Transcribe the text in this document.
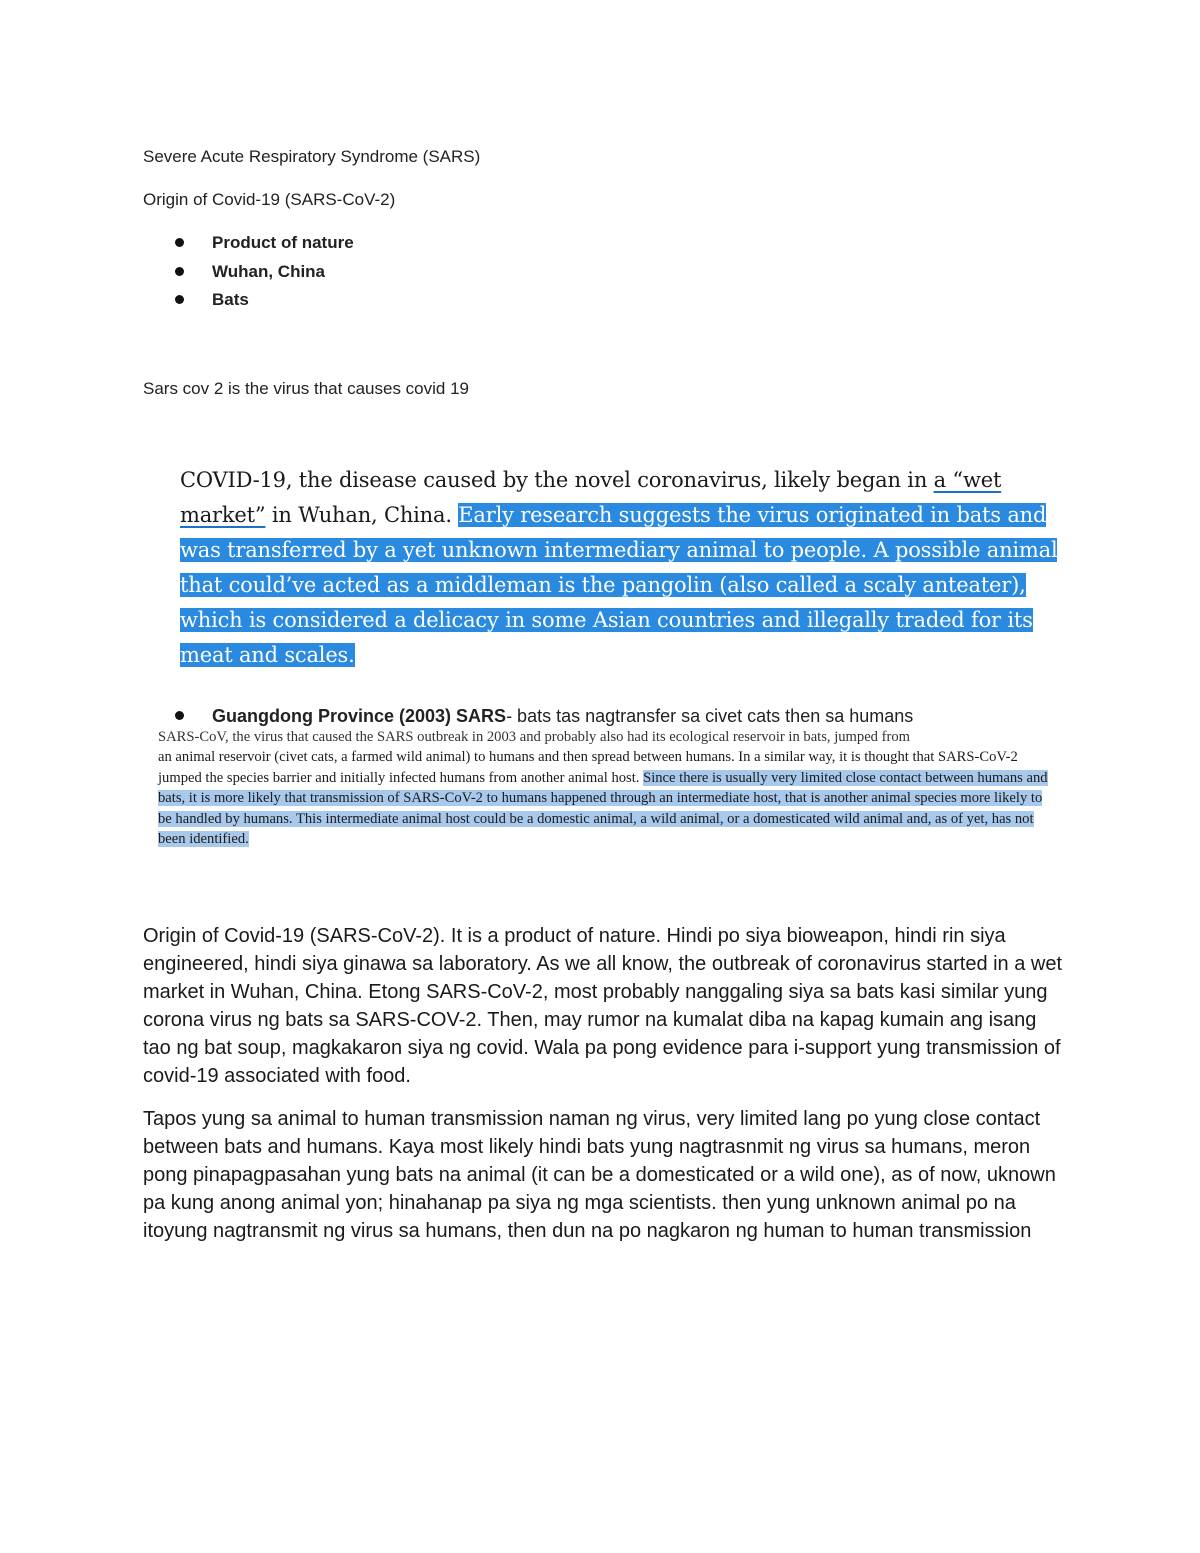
Severe Acute Respiratory Syndrome (SARS)
Origin of Covid-19 (SARS-CoV-2)
Product of nature
Wuhan, China
Bats
Sars cov 2 is the virus that causes covid 19
COVID-19, the disease caused by the novel coronavirus, likely began in a “wet market” in Wuhan, China. Early research suggests the virus originated in bats and was transferred by a yet unknown intermediary animal to people. A possible animal that could’ve acted as a middleman is the pangolin (also called a scaly anteater), which is considered a delicacy in some Asian countries and illegally traded for its meat and scales.
Guangdong Province (2003) SARS- bats tas nagtransfer sa civet cats then sa humans
SARS-CoV, the virus that caused the SARS outbreak in 2003 and probably also had its ecological reservoir in bats, jumped from
an animal reservoir (civet cats, a farmed wild animal) to humans and then spread between humans. In a similar way, it is thought that SARS-CoV-2 jumped the species barrier and initially infected humans from another animal host. Since there is usually very limited close contact between humans and bats, it is more likely that transmission of SARS-CoV-2 to humans happened through an intermediate host, that is another animal species more likely to be handled by humans. This intermediate animal host could be a domestic animal, a wild animal, or a domesticated wild animal and, as of yet, has not been identified.
Origin of Covid-19 (SARS-CoV-2). It is a product of nature. Hindi po siya bioweapon, hindi rin siya engineered, hindi siya ginawa sa laboratory. As we all know, the outbreak of coronavirus started in a wet market in Wuhan, China. Etong SARS-CoV-2, most probably nanggaling siya sa bats kasi similar yung corona virus ng bats sa SARS-COV-2. Then, may rumor na kumalat diba na kapag kumain ang isang tao ng bat soup, magkakaron siya ng covid. Wala pa pong evidence para i-support yung transmission of covid-19 associated with food.
Tapos yung sa animal to human transmission naman ng virus, very limited lang po yung close contact between bats and humans. Kaya most likely hindi bats yung nagtrasnmit ng virus sa humans, meron pong pinapagpasahan yung bats na animal (it can be a domesticated or a wild one), as of now, uknown pa kung anong animal yon; hinahanap pa siya ng mga scientists. then yung unknown animal po na itoyung nagtransmit ng virus sa humans, then dun na po nagkaron ng human to human transmission
